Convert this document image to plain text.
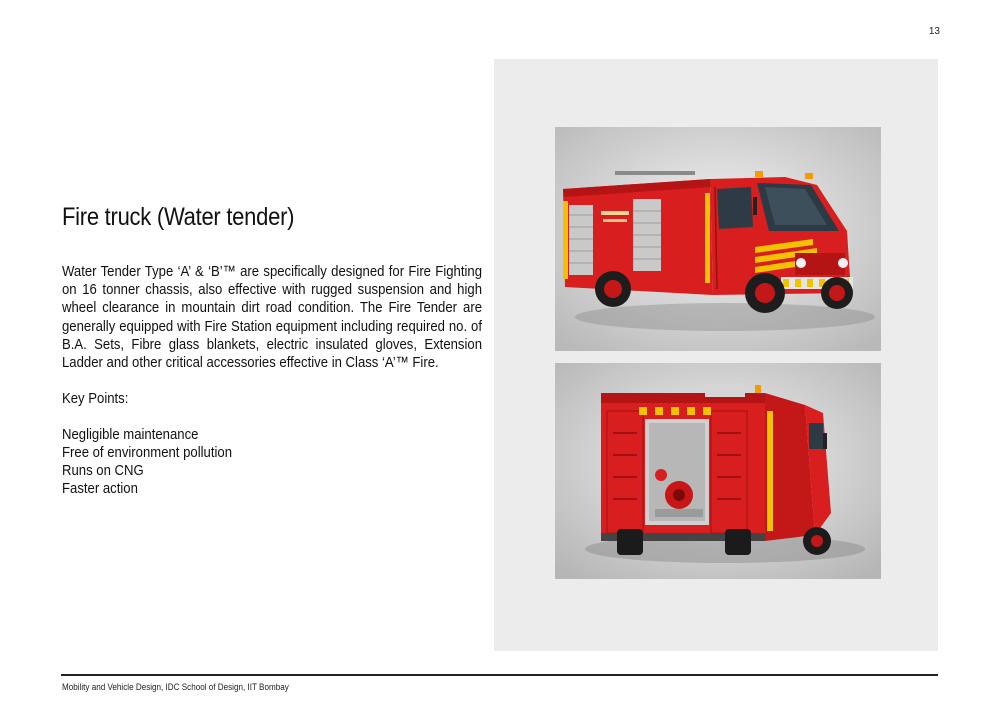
13
Fire truck (Water tender)

Water Tender Type ‘A’ & ‘B’™ are specifically designed for Fire Fighting on 16 tonner chassis, also effective with rugged suspension and high wheel clearance in mountain dirt road condition. The Fire Tender are generally equipped with Fire Station equipment including required no. of B.A. Sets, Fibre glass blankets, electric insulated gloves, Extension Ladder and other critical accessories effective in Class ‘A’™ Fire.

Key Points:

Negligible maintenance
Free of environment pollution
Runs on CNG
Faster action
Mobility and Vehicle Design, IDC School of Design, IIT Bombay
